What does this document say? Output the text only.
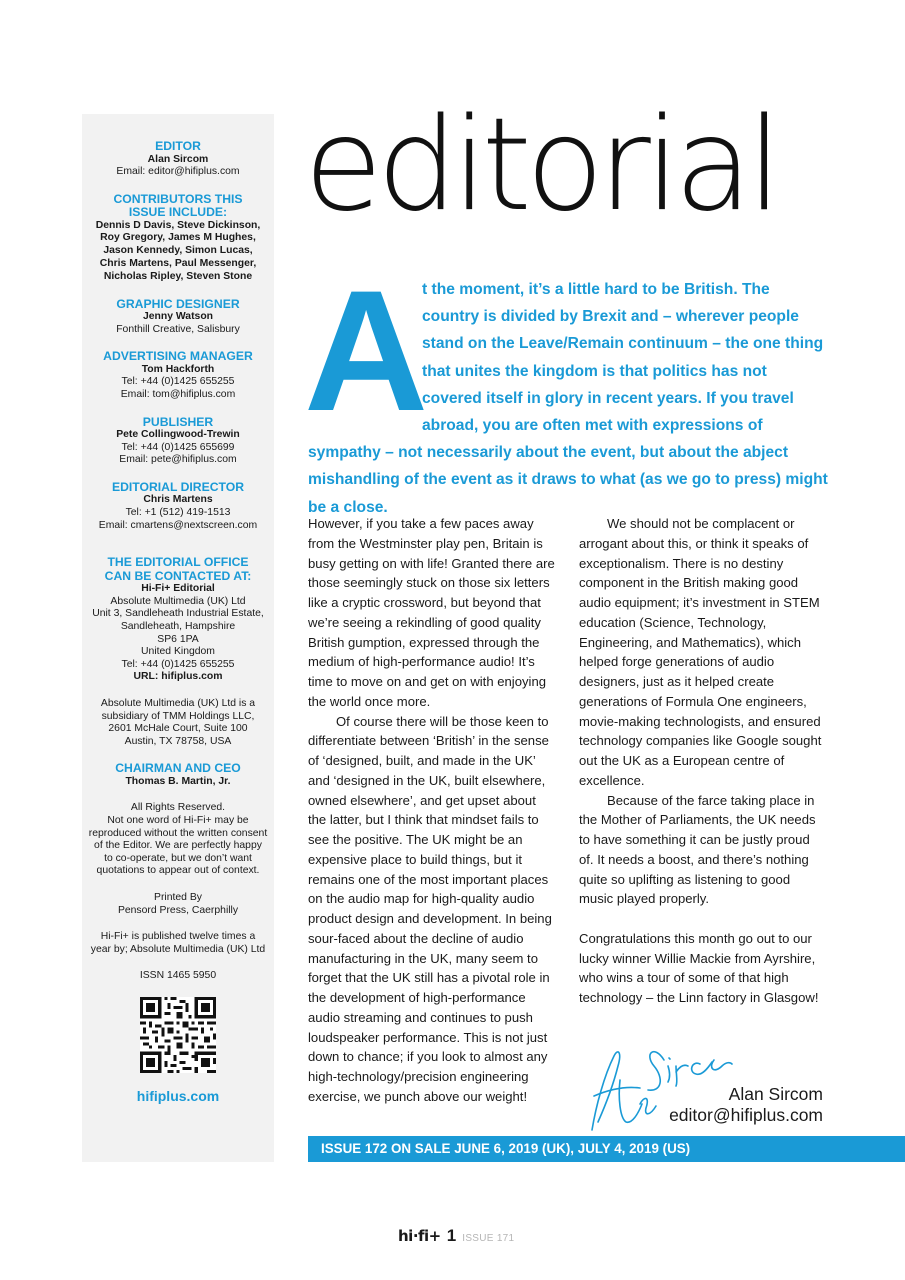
EDITOR
Alan Sircom
Email: editor@hifiplus.com
CONTRIBUTORS THIS
ISSUE INCLUDE:
Dennis D Davis, Steve Dickinson,
Roy Gregory, James M Hughes,
Jason Kennedy, Simon Lucas,
Chris Martens, Paul Messenger,
Nicholas Ripley, Steven Stone
GRAPHIC DESIGNER
Jenny Watson
Fonthill Creative, Salisbury
ADVERTISING MANAGER
Tom Hackforth
Tel: +44 (0)1425 655255
Email: tom@hifiplus.com
PUBLISHER
Pete Collingwood-Trewin
Tel: +44 (0)1425 655699
Email: pete@hifiplus.com
EDITORIAL DIRECTOR
Chris Martens
Tel: +1 (512) 419-1513
Email: cmartens@nextscreen.com
THE EDITORIAL OFFICE
CAN BE CONTACTED AT:
Hi-Fi+ Editorial
Absolute Multimedia (UK) Ltd
Unit 3, Sandleheath Industrial Estate,
Sandleheath, Hampshire
SP6 1PA
United Kingdom
Tel: +44 (0)1425 655255
URL: hifiplus.com
Absolute Multimedia (UK) Ltd is a
subsidiary of TMM Holdings LLC,
2601 McHale Court, Suite 100
Austin, TX 78758, USA
CHAIRMAN AND CEO
Thomas B. Martin, Jr.
All Rights Reserved.
Not one word of Hi-Fi+ may be
reproduced without the written consent
of the Editor. We are perfectly happy
to co-operate, but we don’t want
quotations to appear out of context.
Printed By
Pensord Press, Caerphilly
Hi-Fi+ is published twelve times a
year by; Absolute Multimedia (UK) Ltd
ISSN 1465 5950
hifiplus.com
editorial
A
t the moment, it’s a little hard to be British. The country is divided by Brexit and – wherever people stand on the Leave/Remain continuum – the one thing that unites the kingdom is that politics has not covered itself in glory in recent years. If you travel abroad, you are often met with expressions of sympathy – not necessarily about the event, but about the abject mishandling of the event as it draws to what (as we go to press) might be a close.

However, if you take a few paces away from the Westminster play pen, Britain is busy getting on with life! Granted there are those seemingly stuck on those six letters like a cryptic crossword, but beyond that we’re seeing a rekindling of good quality British gumption, expressed through the medium of high-performance audio! It’s time to move on and get on with enjoying the world once more.

Of course there will be those keen to differentiate between ‘British’ in the sense of ‘designed, built, and made in the UK’ and ‘designed in the UK, built elsewhere, owned elsewhere’, and get upset about the latter, but I think that mindset fails to see the positive. The UK might be an expensive place to build things, but it remains one of the most important places on the audio map for high-quality audio product design and development. In being sour-faced about the decline of audio manufacturing in the UK, many seem to forget that the UK still has a pivotal role in the development of high-performance audio streaming and continues to push loudspeaker performance. This is not just down to chance; if you look to almost any high-technology/precision engineering exercise, we punch above our weight!

We should not be complacent or arrogant about this, or think it speaks of exceptionalism. There is no destiny component in the British making good audio equipment; it’s investment in STEM education (Science, Technology, Engineering, and Mathematics), which helped forge generations of audio designers, just as it helped create generations of Formula One engineers, movie-making technologists, and ensured technology companies like Google sought out the UK as a European centre of excellence.

Because of the farce taking place in the Mother of Parliaments, the UK needs to have something it can be justly proud of. It needs a boost, and there’s nothing quite so uplifting as listening to good music played properly.

Congratulations this month go out to our lucky winner Willie Mackie from Ayrshire, who wins a tour of some of that high technology – the Linn factory in Glasgow!

Alan Sircom
editor@hifiplus.com
ISSUE 172 ON SALE JUNE 6, 2019 (UK), JULY 4, 2019 (US)
hi·fi+ 1 ISSUE 171
